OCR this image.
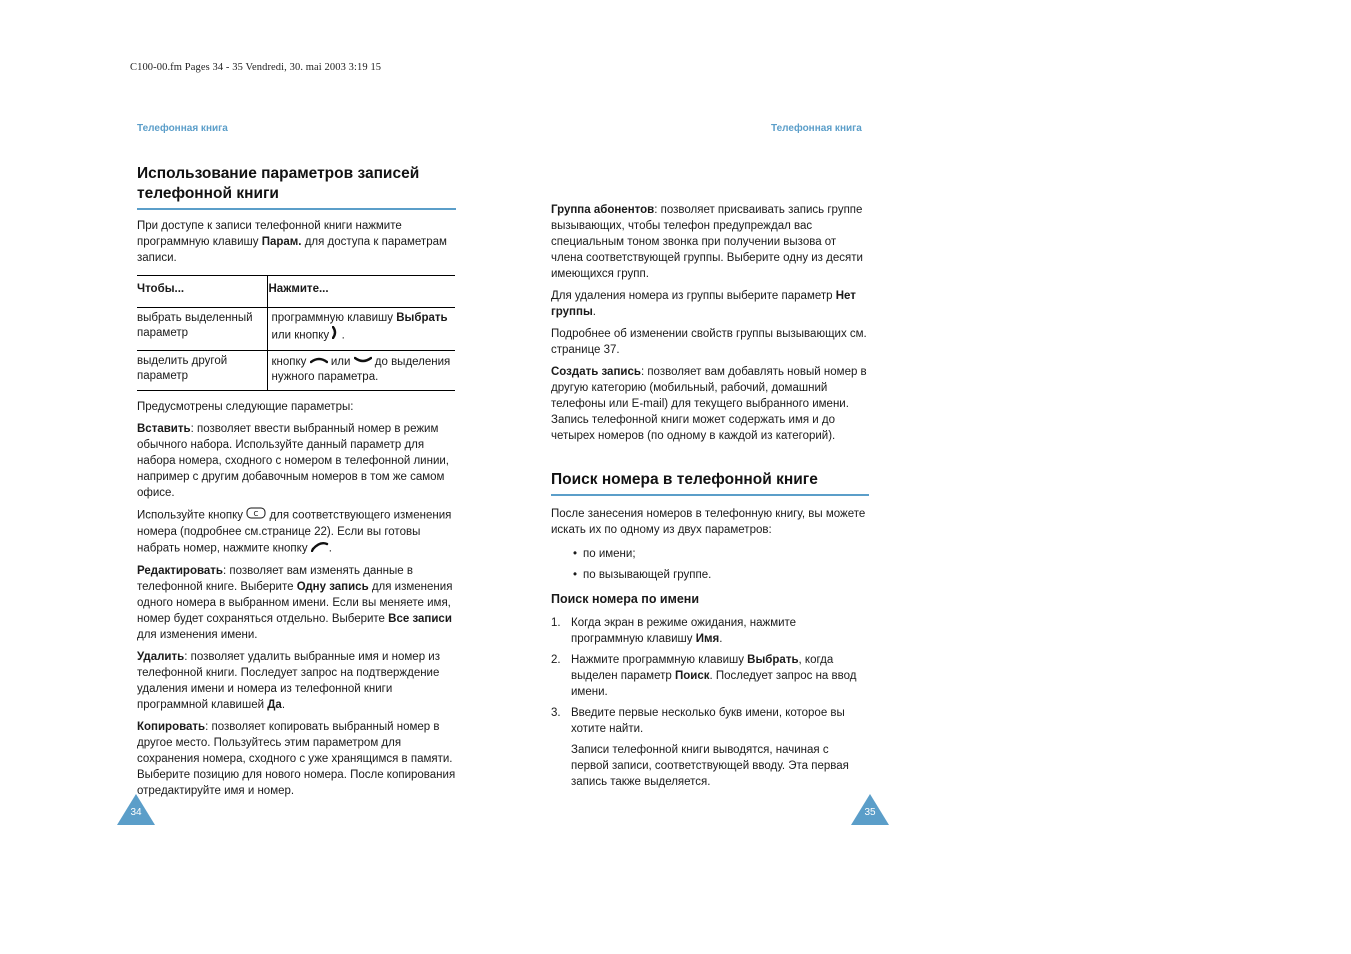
C100-00.fm Pages 34 - 35 Vendredi, 30. mai 2003 3:19 15
Телефонная книга	Телефонная книга
Использование параметров записей телефонной книги

При доступе к записи телефонной книги нажмите программную клавишу Парам. для доступа к параметрам записи.

Чтобы...	Нажмите...
выбрать выделенный параметр	программную клавишу Выбрать или кнопку  .
выделить другой параметр	кнопку  или  до выделения нужного параметра.

Предусмотрены следующие параметры:

Вставить: позволяет ввести выбранный номер в режим обычного набора. Используйте данный параметр для набора номера, сходного с номером в телефонной линии, например с другим добавочным номеров в том же самом офисе.

Используйте кнопку C для соответствующего изменения номера (подробнее см.странице 22). Если вы готовы набрать номер, нажмите кнопку .

Редактировать: позволяет вам изменять данные в телефонной книге. Выберите Одну запись для изменения одного номера в выбранном имени. Если вы меняете имя, номер будет сохраняться отдельно. Выберите Все записи для изменения имени.

Удалить: позволяет удалить выбранные имя и номер из телефонной книги. Последует запрос на подтверждение удаления имени и номера из телефонной книги программной клавишей Да.

Копировать: позволяет копировать выбранный номер в другое место. Пользуйтесь этим параметром для сохранения номера, сходного с уже хранящимся в памяти. Выберите позицию для нового номера. После копирования отредактируйте имя и номер.

Группа абонентов: позволяет присваивать запись группе вызывающих, чтобы телефон предупреждал вас специальным тоном звонка при получении вызова от члена соответствующей группы. Выберите одну из десяти имеющихся групп.

Для удаления номера из группы выберите параметр Нет группы.

Подробнее об изменении свойств группы вызывающих см. странице 37.

Создать запись: позволяет вам добавлять новый номер в другую категорию (мобильный, рабочий, домашний телефоны или E-mail) для текущего выбранного имени. Запись телефонной книги может содержать имя и до четырех номеров (по одному в каждой из категорий).

Поиск номера в телефонной книге

После занесения номеров в телефонную книгу, вы можете искать их по одному из двух параметров:

• по имени;
• по вызывающей группе.
Поиск номера по имени
1. Когда экран в режиме ожидания, нажмите программную клавишу Имя.
2. Нажмите программную клавишу Выбрать, когда выделен параметр Поиск. Последует запрос на ввод имени.
3. Введите первые несколько букв имени, которое вы хотите найти.

Записи телефонной книги выводятся, начиная с первой записи, соответствующей вводу. Эта первая запись также выделяется.

34	35
